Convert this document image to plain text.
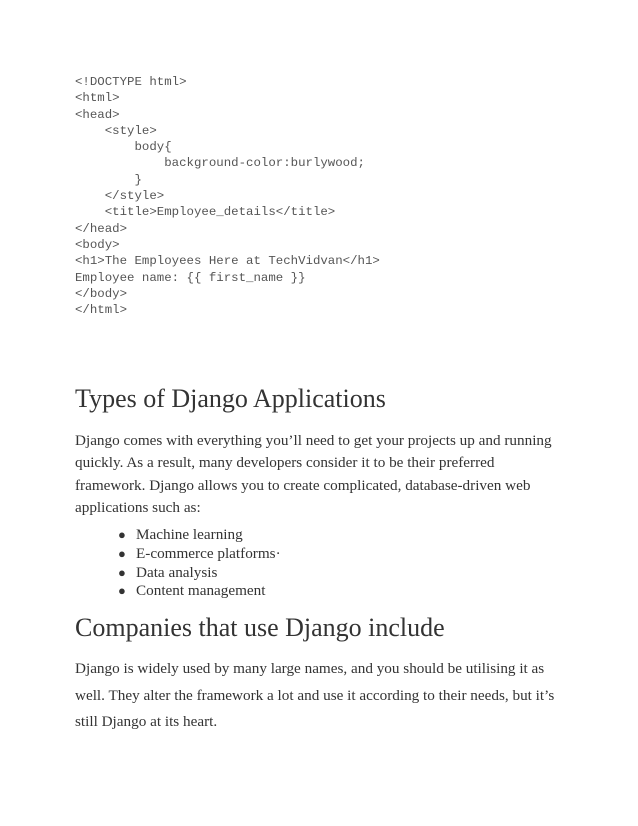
<!DOCTYPE html>
<html>
<head>
<style>
body{
background-color:burlywood;
}
</style>
<title>Employee_details</title>
</head>
<body>
<h1>The Employees Here at TechVidvan</h1>
Employee name: {{ first_name }}
</body>
</html>
Types of Django Applications

Django comes with everything you’ll need to get your projects up and running
quickly. As a result, many developers consider it to be their preferred
framework. Django allows you to create complicated, database-driven web
applications such as:

● Machine learning
● E-commerce platforms·
● Data analysis
● Content management
Companies that use Django include

Django is widely used by many large names, and you should be utilising it as
well. They alter the framework a lot and use it according to their needs, but it’s
still Django at its heart.
